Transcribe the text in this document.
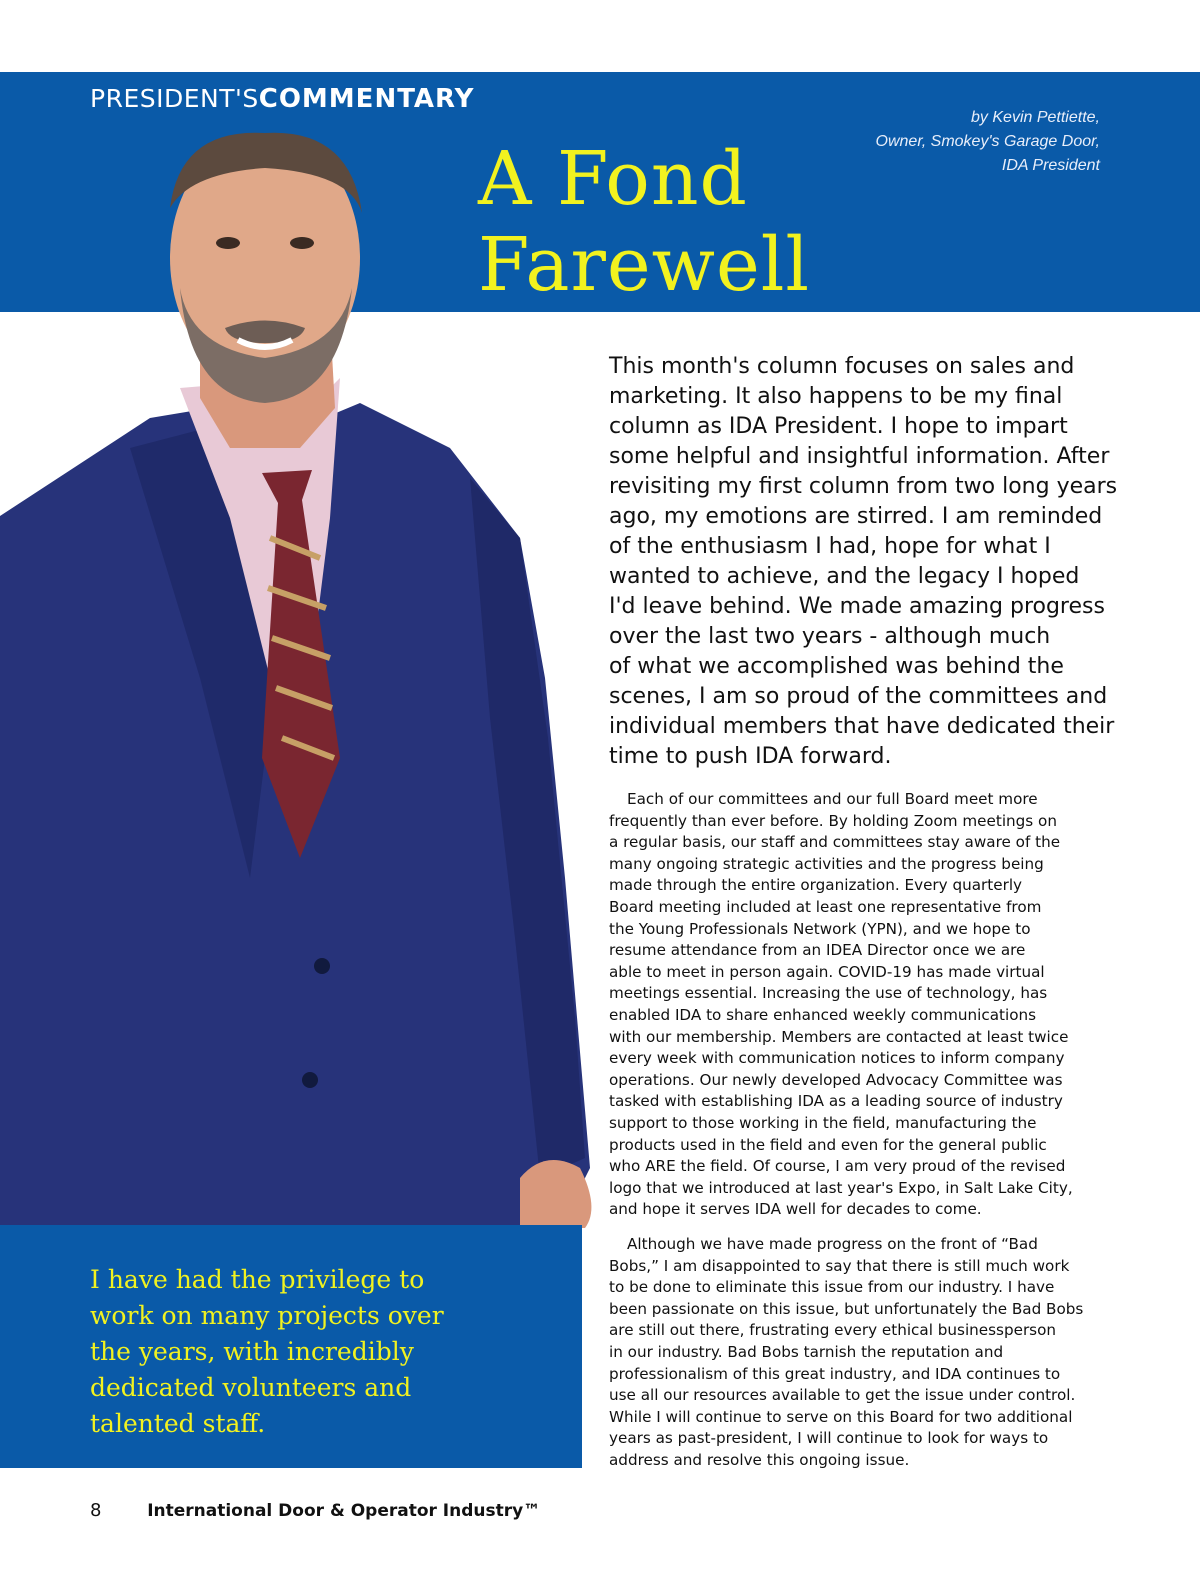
PRESIDENT'SCOMMENTARY
by Kevin Pettiette,
Owner, Smokey's Garage Door,
IDA President
A Fond
Farewell
I have had the privilege to
work on many projects over
the years, with incredibly
dedicated volunteers and
talented staff.
This month's column focuses on sales and
marketing. It also happens to be my final
column as IDA President. I hope to impart
some helpful and insightful information. After
revisiting my first column from two long years
ago, my emotions are stirred. I am reminded
of the enthusiasm I had, hope for what I
wanted to achieve, and the legacy I hoped
I'd leave behind. We made amazing progress
over the last two years - although much
of what we accomplished was behind the
scenes, I am so proud of the committees and
individual members that have dedicated their
time to push IDA forward.
Each of our committees and our full Board meet more
frequently than ever before. By holding Zoom meetings on
a regular basis, our staff and committees stay aware of the
many ongoing strategic activities and the progress being
made through the entire organization. Every quarterly
Board meeting included at least one representative from
the Young Professionals Network (YPN), and we hope to
resume attendance from an IDEA Director once we are
able to meet in person again. COVID-19 has made virtual
meetings essential. Increasing the use of technology, has
enabled IDA to share enhanced weekly communications
with our membership. Members are contacted at least twice
every week with communication notices to inform company
operations. Our newly developed Advocacy Committee was
tasked with establishing IDA as a leading source of industry
support to those working in the field, manufacturing the
products used in the field and even for the general public
who ARE the field. Of course, I am very proud of the revised
logo that we introduced at last year's Expo, in Salt Lake City,
and hope it serves IDA well for decades to come.
Although we have made progress on the front of “Bad
Bobs,” I am disappointed to say that there is still much work
to be done to eliminate this issue from our industry. I have
been passionate on this issue, but unfortunately the Bad Bobs
are still out there, frustrating every ethical businessperson
in our industry. Bad Bobs tarnish the reputation and
professionalism of this great industry, and IDA continues to
use all our resources available to get the issue under control.
While I will continue to serve on this Board for two additional
years as past-president, I will continue to look for ways to
address and resolve this ongoing issue.
8	International Door & Operator Industry™
